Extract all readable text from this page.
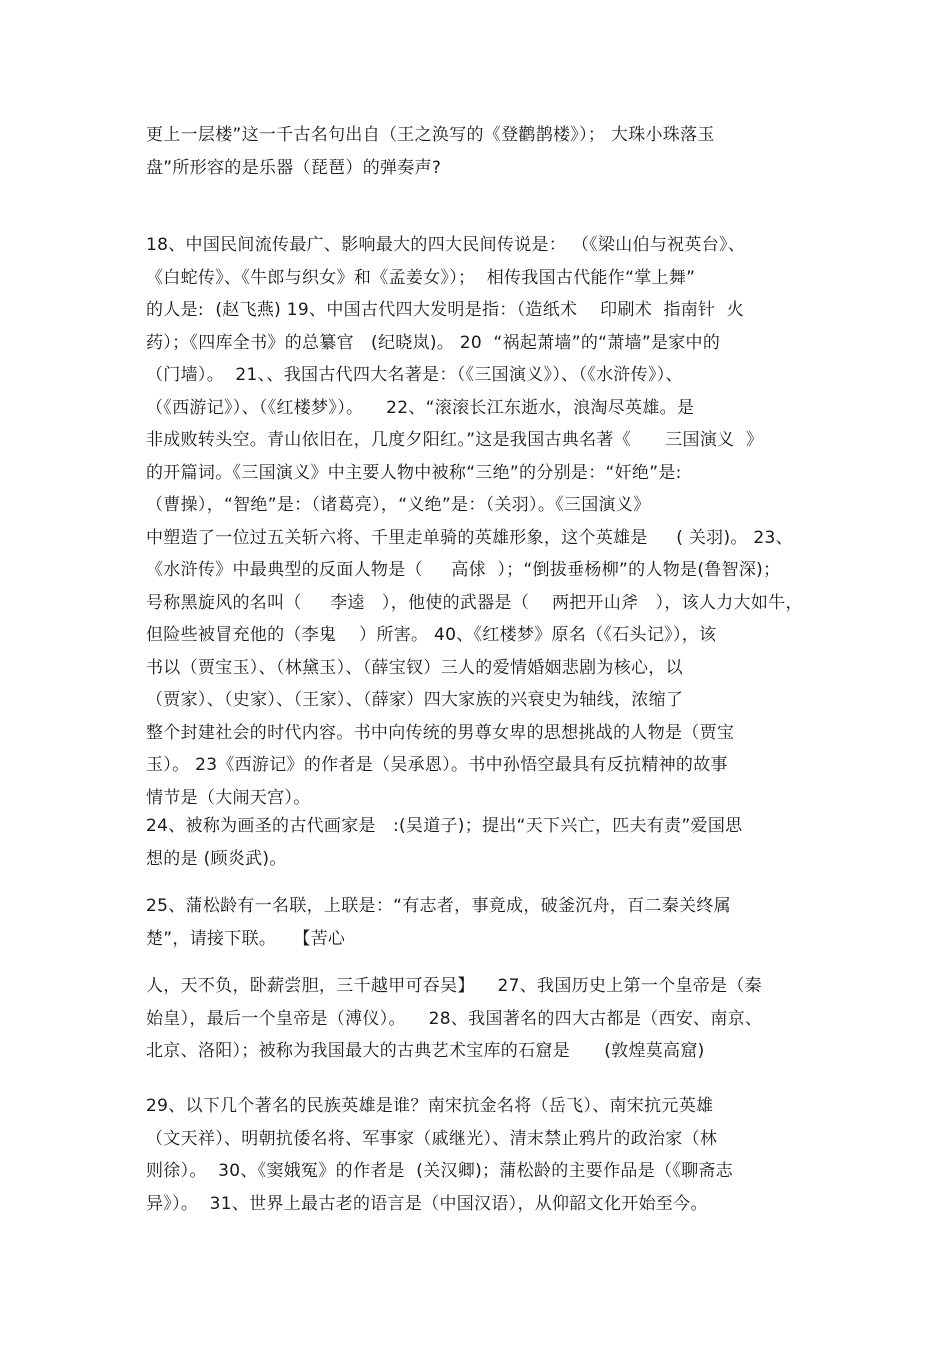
更上一层楼”这一千古名句出自（王之涣写的《登鹳鹊楼》）； 大珠小珠落玉
盘”所形容的是乐器（琵琶）的弹奏声?
18、中国民间流传最广、影响最大的四大民间传说是： （《梁山伯与祝英台》、
《白蛇传》、《牛郎与织女》和《孟姜女》）；  相传我国古代能作“掌上舞”
的人是:  (赵飞燕) 19、中国古代四大发明是指：（造纸术    印刷术  指南针  火
药）；《四库全书》的总纂官   (纪晓岚)。 20  “祸起萧墙”的“萧墙”是家中的
（门墙）。  21、、我国古代四大名著是：（《三国演义》）、（《水浒传》）、
（《西游记》）、（《红楼梦》）。    22、“滚滚长江东逝水，浪淘尽英雄。是
非成败转头空。青山依旧在，几度夕阳红。”这是我国古典名著《      三国演义  》
的开篇词。《三国演义》中主要人物中被称“三绝”的分别是：“奸绝”是:
（曹操），“智绝”是：（诸葛亮），“义绝”是：（关羽）。《三国演义》
中塑造了一位过五关斩六将、千里走单骑的英雄形象，这个英雄是     ( 关羽)。 23、
《水浒传》中最典型的反面人物是（     高俅  ）；“倒拔垂杨柳”的人物是(鲁智深)；
号称黑旋风的名叫（     李逵   ），他使的武器是（    两把开山斧   ），该人力大如牛，
但险些被冒充他的（李鬼    ）所害。 40、《红楼梦》原名（《石头记》），该
书以（贾宝玉）、（林黛玉）、（薛宝钗）三人的爱情婚姻悲剧为核心，以
（贾家）、（史家）、（王家）、（薛家）四大家族的兴衰史为轴线，浓缩了
整个封建社会的时代内容。书中向传统的男尊女卑的思想挑战的人物是（贾宝
玉）。 23《西游记》的作者是（吴承恩）。书中孙悟空最具有反抗精神的故事
情节是（大闹天宫）。
24、被称为画圣的古代画家是   :(吴道子)；提出“天下兴亡，匹夫有责”爱国思
想的是 (顾炎武)。
25、蒲松龄有一名联，上联是：“有志者，事竟成，破釜沉舟，百二秦关终属
楚”，请接下联。   【苦心
人，天不负，卧薪尝胆，三千越甲可吞吴】    27、我国历史上第一个皇帝是（秦
始皇），最后一个皇帝是（溥仪）。    28、我国著名的四大古都是（西安、南京、
北京、洛阳）；被称为我国最大的古典艺术宝库的石窟是      (敦煌莫高窟)
29、以下几个著名的民族英雄是谁？南宋抗金名将（岳飞）、南宋抗元英雄
（文天祥）、明朝抗倭名将、军事家（戚继光）、清末禁止鸦片的政治家（林
则徐）。  30、《窦娥冤》的作者是  (关汉卿)；蒲松龄的主要作品是（《聊斋志
异》）。  31、世界上最古老的语言是（中国汉语），从仰韶文化开始至今。
